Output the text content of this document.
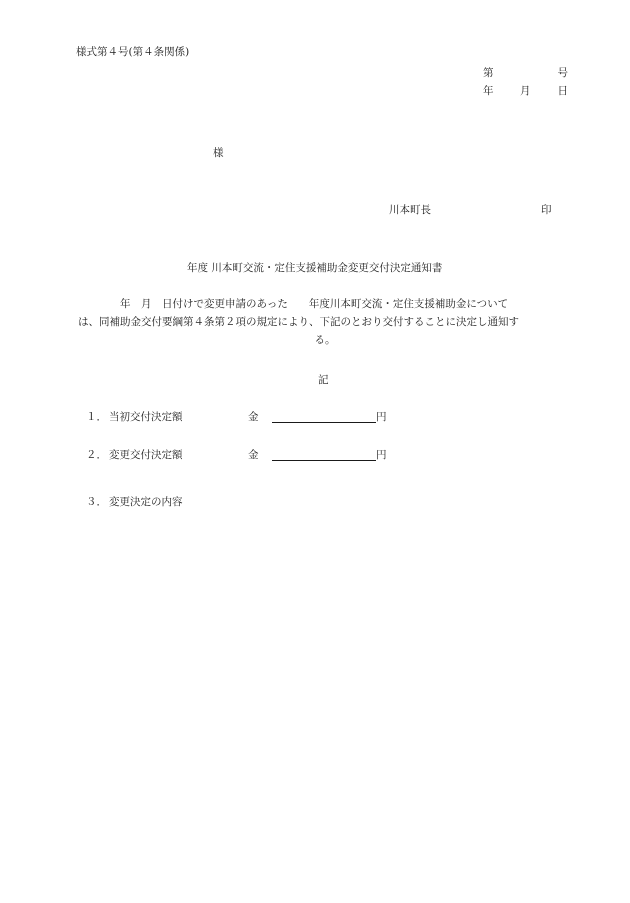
様式第４号(第４条関係)
第	号
年	月	日
様
川本町長	印
年度 川本町交流・定住支援補助金変更交付決定通知書
　　　　年　月　日付けで変更申請のあった　　年度川本町交流・定住支援補助金について
は、同補助金交付要綱第４条第２項の規定により、下記のとおり交付することに決定し通知す
る。
記
１． 当初交付決定額	金	円
２． 変更交付決定額	金	円
３． 変更決定の内容
